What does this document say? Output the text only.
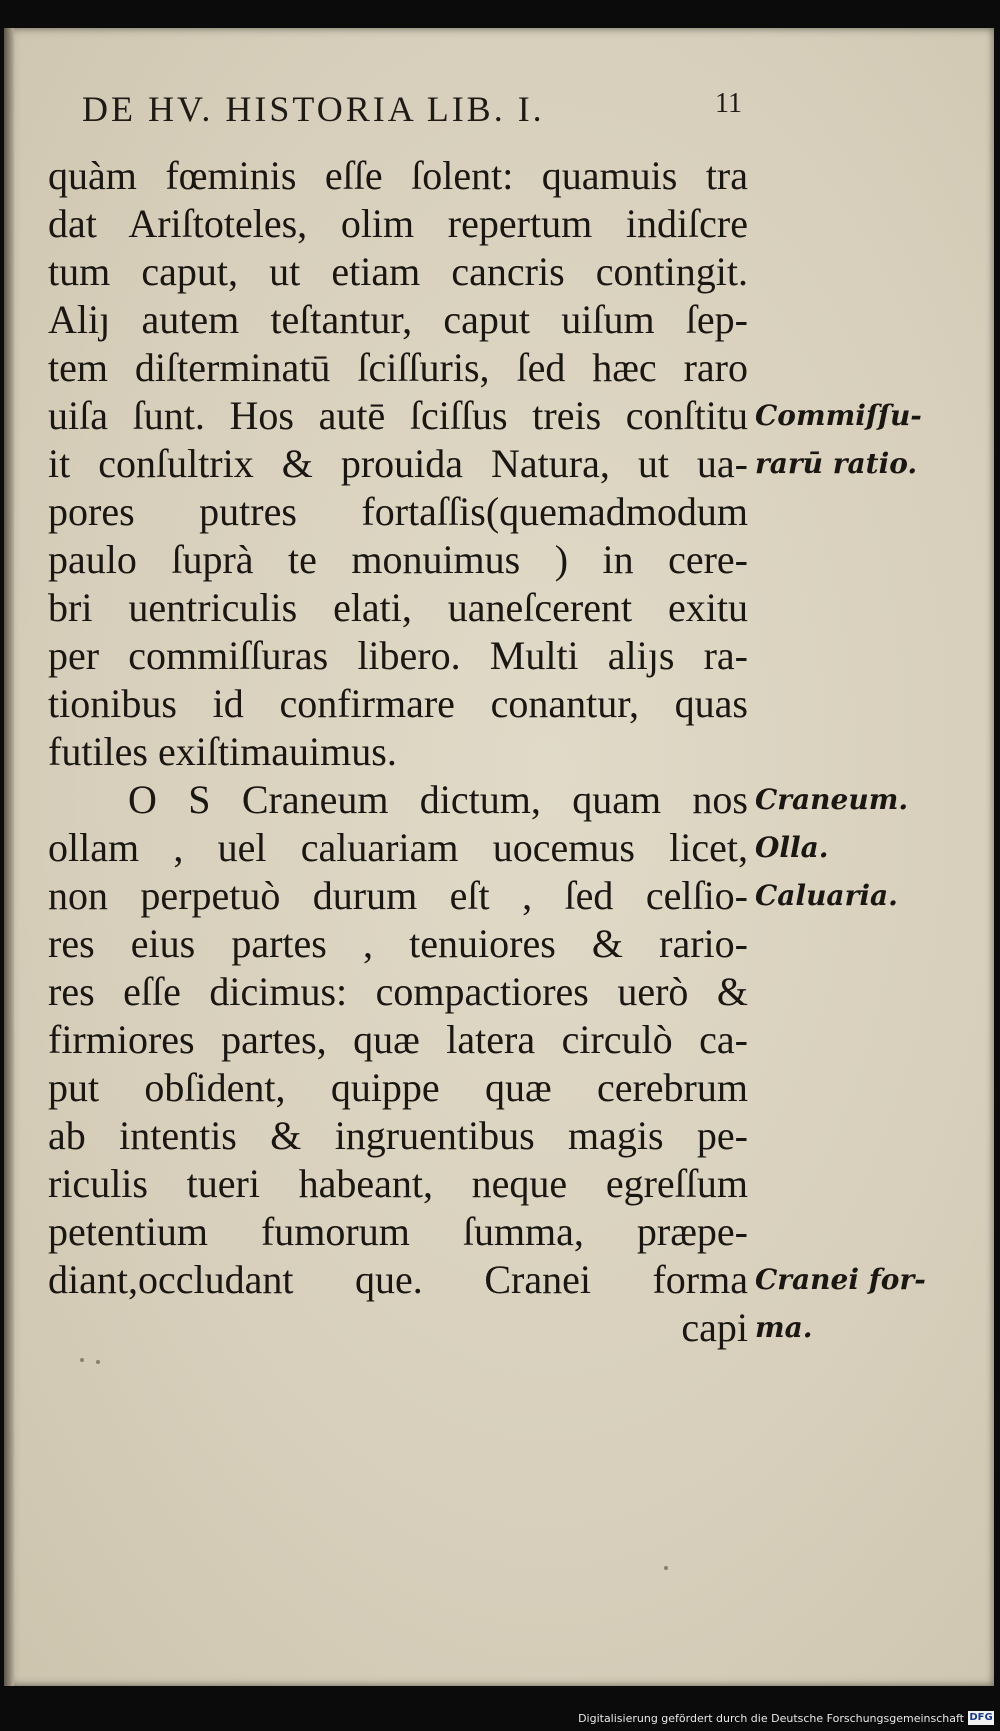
DE HV. HISTORIA LIB. I.	11
quàm fœminis eſſe ſolent: quamuis tra
dat Ariſtoteles, olim repertum indiſcre
tum caput, ut etiam cancris contingit.
Aliȷ autem teſtantur, caput uiſum ſep-
tem diſterminatū ſciſſuris, ſed hæc raro
uiſa ſunt. Hos autē ſciſſus treis conſtitu
it conſultrix & prouida Natura, ut ua-
pores putres fortaſſis(quemadmodum
paulo ſuprà te monuimus ) in cere-
bri uentriculis elati, uaneſcerent exitu
per commiſſuras libero. Multi aliȷs ra-
tionibus id confirmare conantur, quas
futiles exiſtimauimus.
O S Craneum dictum, quam nos
ollam , uel caluariam uocemus licet,
non perpetuò durum eſt , ſed celſio-
res eius partes , tenuiores & rario-
res eſſe dicimus: compactiores uerò &
firmiores partes, quæ latera circulò ca-
put obſident, quippe quæ cerebrum
ab intentis & ingruentibus magis pe-
riculis tueri habeant, neque egreſſum
petentium fumorum ſumma, præpe-
diant,occludant que. Cranei forma
capi
Commiſſu-
rarū ratio.
Craneum.
Olla.
Caluaria.
Cranei for-
ma.
Digitalisierung gefördert durch die Deutsche Forschungsgemeinschaft DFG
